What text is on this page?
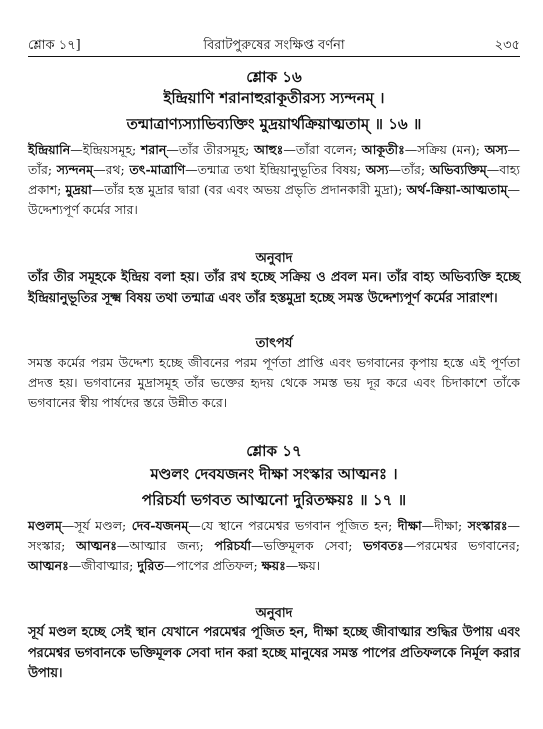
শ্লোক ১৭]	বিরাটপুরুষের সংক্ষিপ্ত বর্ণনা	২৩৫
শ্লোক ১৬
ইন্দ্রিয়াণি শরানাহুরাকূতীরস্য স্যন্দনম্ ।
তন্মাত্রাণ্যস্যাভিব্যক্তিং মুদ্রয়ার্থক্রিয়াত্মতাম্ ॥ ১৬ ॥
ইন্দ্রিয়ানি—ইন্দ্রিয়সমূহ; শরান্—তাঁর তীরসমূহ; আহুঃ—তাঁরা বলেন; আকূতীঃ—সক্রিয় (মন); অস্য—তাঁর; স্যন্দনম্—রথ; তৎ-মাত্রাণি—তন্মাত্র তথা ইন্দ্রিয়ানুভূতির বিষয়; অস্য—তাঁর; অভিব্যক্তিম্—বাহ্য প্রকাশ; মুদ্রয়া—তাঁর হস্ত মুদ্রার দ্বারা (বর এবং অভয় প্রভৃতি প্রদানকারী মুদ্রা); অর্থ-ক্রিয়া-আত্মতাম্—উদ্দেশ্যপূর্ণ কর্মের সার।
অনুবাদ
তাঁর তীর সমূহকে ইন্দ্রিয় বলা হয়। তাঁর রথ হচ্ছে সক্রিয় ও প্রবল মন। তাঁর বাহ্য অভিব্যক্তি হচ্ছে ইন্দ্রিয়ানুভূতির সূক্ষ্ম বিষয় তথা তন্মাত্র এবং তাঁর হস্তমুদ্রা হচ্ছে সমস্ত উদ্দেশ্যপূর্ণ কর্মের সারাংশ।
তাৎপর্য
সমস্ত কর্মের পরম উদ্দেশ্য হচ্ছে জীবনের পরম পূর্ণতা প্রাপ্তি এবং ভগবানের কৃপায় হস্তে এই পূর্ণতা প্রদত্ত হয়। ভগবানের মুদ্রাসমূহ তাঁর ভক্তের হৃদয় থেকে সমস্ত ভয় দূর করে এবং চিদাকাশে তাঁকে ভগবানের স্বীয় পার্ষদের স্তরে উন্নীত করে।
শ্লোক ১৭
মণ্ডলং দেবযজনং দীক্ষা সংস্কার আত্মনঃ ।
পরিচর্যা ভগবত আত্মনো দুরিতক্ষয়ঃ ॥ ১৭ ॥
মণ্ডলম্—সূর্য মণ্ডল; দেব-যজনম্—যে স্থানে পরমেশ্বর ভগবান পূজিত হন; দীক্ষা—দীক্ষা; সংস্কারঃ—সংস্কার; আত্মনঃ—আত্মার জন্য; পরিচর্যা—ভক্তিমূলক সেবা; ভগবতঃ—পরমেশ্বর ভগবানের; আত্মনঃ—জীবাত্মার; দুরিত—পাপের প্রতিফল; ক্ষয়ঃ—ক্ষয়।
অনুবাদ
সূর্য মণ্ডল হচ্ছে সেই স্থান যেখানে পরমেশ্বর পূজিত হন, দীক্ষা হচ্ছে জীবাত্মার শুদ্ধির উপায় এবং পরমেশ্বর ভগবানকে ভক্তিমূলক সেবা দান করা হচ্ছে মানুষের সমস্ত পাপের প্রতিফলকে নির্মূল করার উপায়।
